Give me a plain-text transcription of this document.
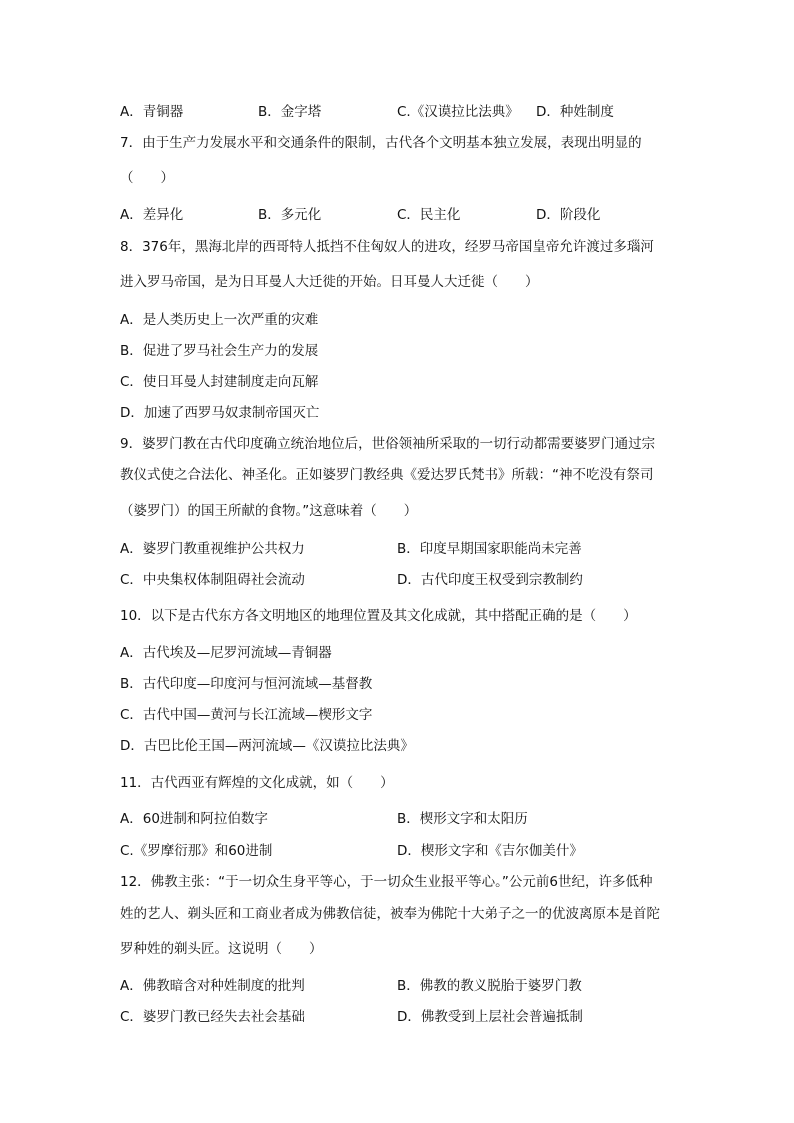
A．青铜器	B．金字塔	C.《汉谟拉比法典》 D．种姓制度
7．由于生产力发展水平和交通条件的限制，古代各个文明基本独立发展，表现出明显的
（　　）
A．差异化	B．多元化	C．民主化	D．阶段化
8．376年，黑海北岸的西哥特人抵挡不住匈奴人的进攻，经罗马帝国皇帝允许渡过多瑙河
进入罗马帝国，是为日耳曼人大迁徙的开始。日耳曼人大迁徙（　　）
A．是人类历史上一次严重的灾难
B．促进了罗马社会生产力的发展
C．使日耳曼人封建制度走向瓦解
D．加速了西罗马奴隶制帝国灭亡
9．婆罗门教在古代印度确立统治地位后，世俗领袖所采取的一切行动都需要婆罗门通过宗
教仪式使之合法化、神圣化。正如婆罗门教经典《爱达罗氏梵书》所载：“神不吃没有祭司
（婆罗门）的国王所献的食物。”这意味着（　　）
A．婆罗门教重视维护公共权力	B．印度早期国家职能尚未完善
C．中央集权体制阻碍社会流动	D．古代印度王权受到宗教制约
10．以下是古代东方各文明地区的地理位置及其文化成就，其中搭配正确的是（　　）
A．古代埃及—尼罗河流域—青铜器
B．古代印度—印度河与恒河流域—基督教
C．古代中国—黄河与长江流域—楔形文字
D．古巴比伦王国—两河流域—《汉谟拉比法典》
11．古代西亚有辉煌的文化成就，如（　　）
A．60进制和阿拉伯数字	B．楔形文字和太阳历
C.《罗摩衍那》和60进制	D．楔形文字和《吉尔伽美什》
12．佛教主张：“于一切众生身平等心，于一切众生业报平等心。”公元前6世纪，许多低种
姓的艺人、剃头匠和工商业者成为佛教信徒，被奉为佛陀十大弟子之一的优波离原本是首陀
罗种姓的剃头匠。这说明（　　）
A．佛教暗含对种姓制度的批判	B．佛教的教义脱胎于婆罗门教
C．婆罗门教已经失去社会基础	D．佛教受到上层社会普遍抵制
